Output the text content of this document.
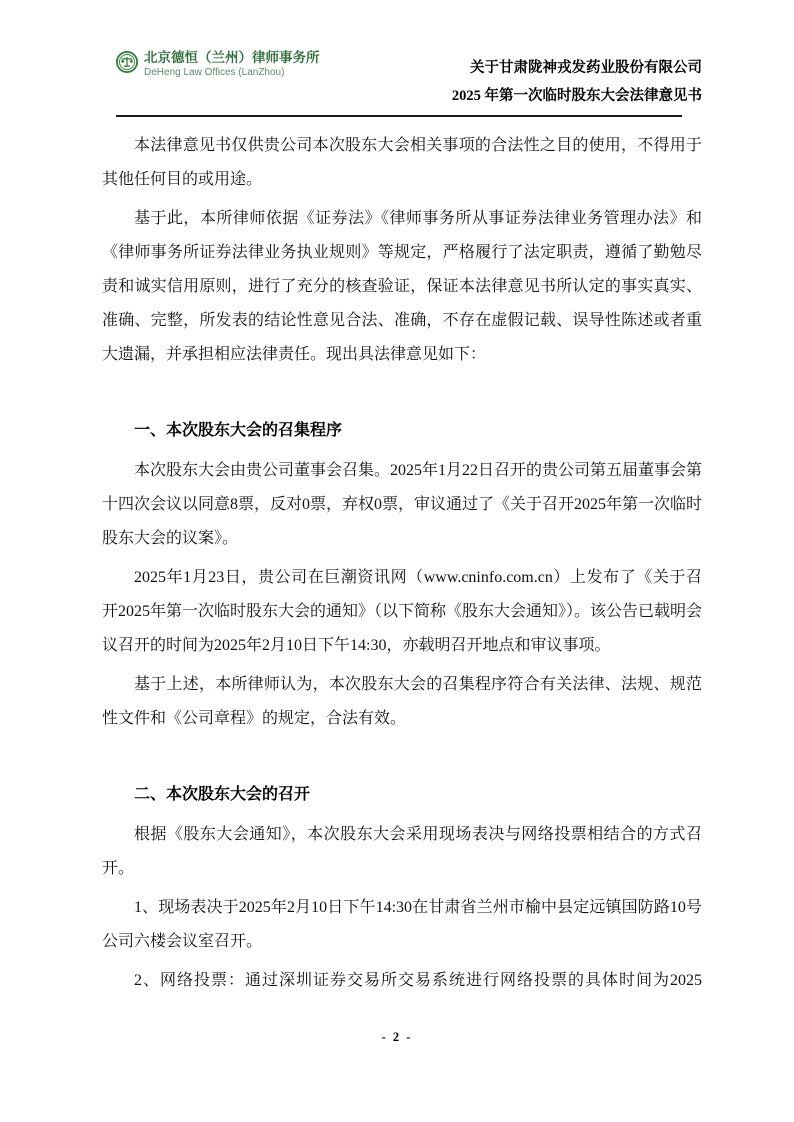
北京德恒（兰州）律师事务所
DeHeng Law Offices (LanZhou)	关于甘肃陇神戎发药业股份有限公司
2025 年第一次临时股东大会法律意见书

本法律意见书仅供贵公司本次股东大会相关事项的合法性之目的使用，不得用于其他任何目的或用途。

基于此，本所律师依据《证券法》《律师事务所从事证券法律业务管理办法》和《律师事务所证券法律业务执业规则》等规定，严格履行了法定职责，遵循了勤勉尽责和诚实信用原则，进行了充分的核查验证，保证本法律意见书所认定的事实真实、准确、完整，所发表的结论性意见合法、准确，不存在虚假记载、误导性陈述或者重大遗漏，并承担相应法律责任。现出具法律意见如下：

一、本次股东大会的召集程序

本次股东大会由贵公司董事会召集。2025年1月22日召开的贵公司第五届董事会第十四次会议以同意8票，反对0票，弃权0票，审议通过了《关于召开2025年第一次临时股东大会的议案》。

2025年1月23日，贵公司在巨潮资讯网（www.cninfo.com.cn）上发布了《关于召开2025年第一次临时股东大会的通知》（以下简称《股东大会通知》）。该公告已载明会议召开的时间为2025年2月10日下午14:30，亦载明召开地点和审议事项。

基于上述，本所律师认为，本次股东大会的召集程序符合有关法律、法规、规范性文件和《公司章程》的规定，合法有效。

二、本次股东大会的召开

根据《股东大会通知》，本次股东大会采用现场表决与网络投票相结合的方式召开。

1、现场表决于2025年2月10日下午14:30在甘肃省兰州市榆中县定远镇国防路10号公司六楼会议室召开。

2、网络投票：通过深圳证券交易所交易系统进行网络投票的具体时间为2025

- 2 -
